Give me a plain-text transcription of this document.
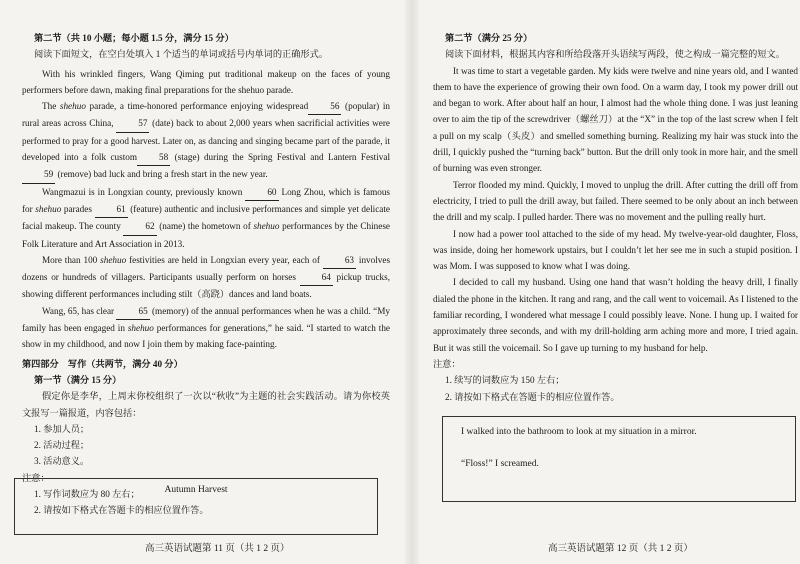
第二节（共 10 小题；每小题 1.5 分，满分 15 分）

阅读下面短文，在空白处填入 1 个适当的单词或括号内单词的正确形式。

With his wrinkled fingers, Wang Qiming put traditional makeup on the faces of young performers before dawn, making final preparations for the shehuo parade.

The shehuo parade, a time-honored performance enjoying widespread 56 (popular) in rural areas across China, 57 (date) back to about 2,000 years when sacrificial activities were performed to pray for a good harvest. Later on, as dancing and singing became part of the parade, it developed into a folk custom 58 (stage) during the Spring Festival and Lantern Festival59 (remove) bad luck and bring a fresh start in the new year.

Wangmazui is in Longxian county, previously known 60 Long Zhou, which is famous for shehuo parades 61 (feature) authentic and inclusive performances and simple yet delicate facial makeup. The county 62 (name) the hometown of shehuo performances by the Chinese Folk Literature and Art Association in 2013.

More than 100 shehuo festivities are held in Longxian every year, each of 63 involves dozens or hundreds of villagers. Participants usually perform on horses 64 pickup trucks, showing different performances including stilt（高跷）dances and land boats.

Wang, 65, has clear 65 (memory) of the annual performances when he was a child. “My family has been engaged in shehuo performances for generations,” he said. “I started to watch the show in my childhood, and now I join them by making face-painting.

第四部分　写作（共两节，满分 40 分）

第一节（满分 15 分）

假定你是李华，上周末你校组织了一次以“秋收”为主题的社会实践活动。请为你校英文报写一篇报道，内容包括：

1. 参加人员；

2. 活动过程；

3. 活动意义。

注意：

1. 写作词数应为 80 左右；

2. 请按如下格式在答题卡的相应位置作答。

Autumn Harvest
高三英语试题第 11 页（共 1 2 页）

第二节（满分 25 分）

阅读下面材料，根据其内容和所给段落开头语续写两段，使之构成一篇完整的短文。

It was time to start a vegetable garden. My kids were twelve and nine years old, and I wanted them to have the experience of growing their own food. On a warm day, I took my power drill out and began to work. After about half an hour, I almost had the whole thing done. I was just leaning over to aim the tip of the screwdriver（螺丝刀）at the “X” in the top of the last screw when I felt a pull on my scalp（头皮）and smelled something burning. Realizing my hair was stuck into the drill, I quickly pushed the “turning back” button. But the drill only took in more hair, and the smell of burning was even stronger.

Terror flooded my mind. Quickly, I moved to unplug the drill. After cutting the drill off from electricity, I tried to pull the drill away, but failed. There seemed to be only about an inch between the drill and my scalp. I pulled harder. There was no movement and the pulling really hurt.

I now had a power tool attached to the side of my head. My twelve-year-old daughter, Floss, was inside, doing her homework upstairs, but I couldn’t let her see me in such a stupid position. I was Mom. I was supposed to know what I was doing.

I decided to call my husband. Using one hand that wasn’t holding the heavy drill, I finally dialed the phone in the kitchen. It rang and rang, and the call went to voicemail. As I listened to the familiar recording, I wondered what message I could possibly leave. None. I hung up. I waited for approximately three seconds, and with my drill-holding arm aching more and more, I tried again. But it was still the voicemail. So I gave up turning to my husband for help.

注意：

1. 续写的词数应为 150 左右；

2. 请按如下格式在答题卡的相应位置作答。

I walked into the bathroom to look at my situation in a mirror.
“Floss!” I screamed.
高三英语试题第 12 页（共 1 2 页）
